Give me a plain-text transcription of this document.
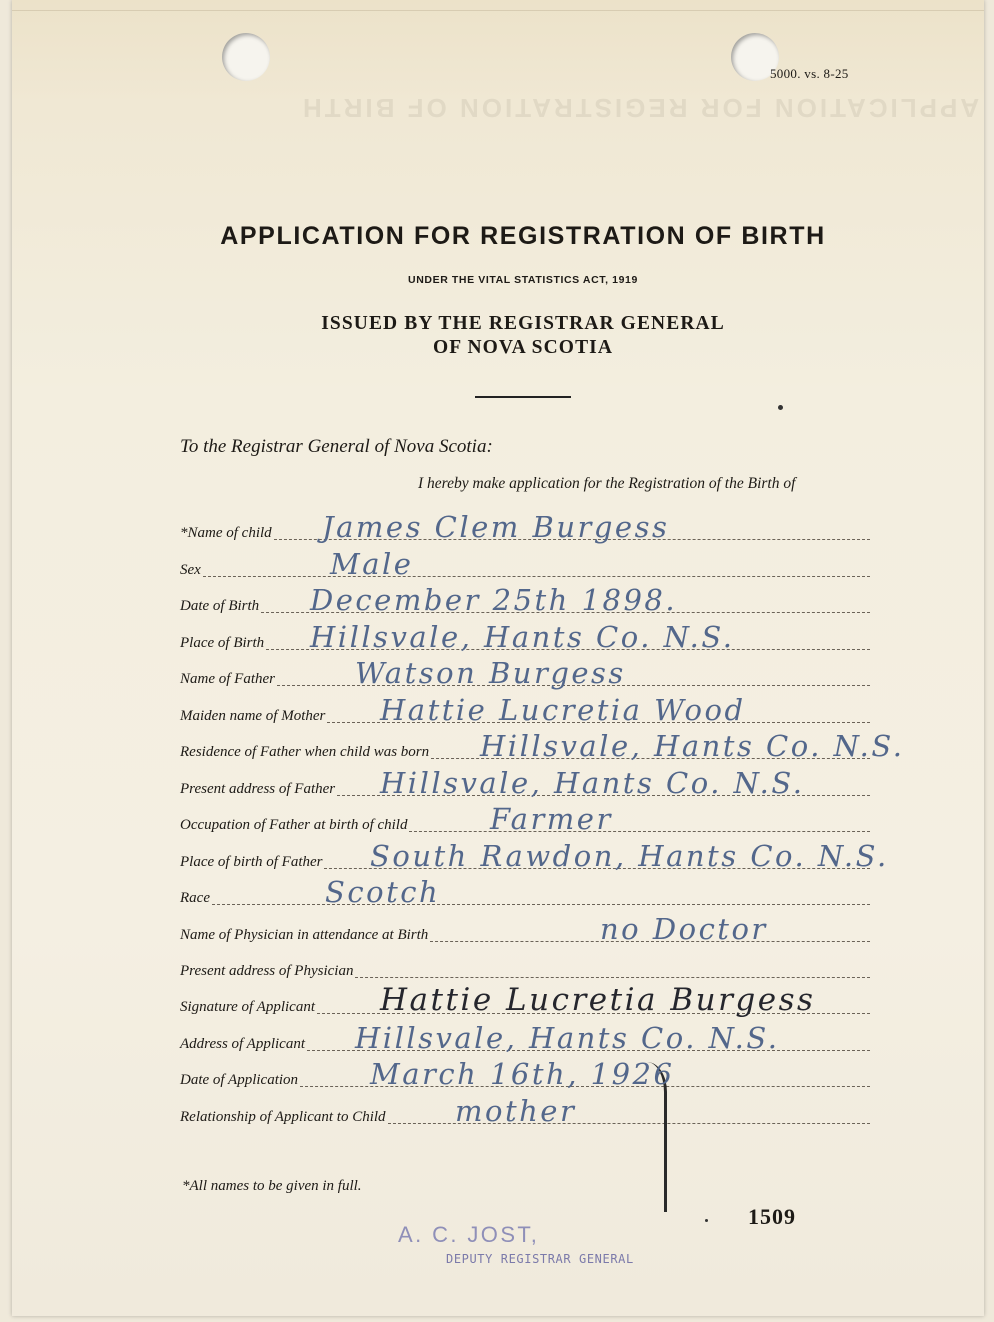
5000. vs. 8-25
APPLICATION FOR REGISTRATION OF BIRTH
APPLICATION FOR REGISTRATION OF BIRTH
UNDER THE VITAL STATISTICS ACT, 1919
ISSUED BY THE REGISTRAR GENERAL
OF NOVA SCOTIA
To the Registrar General of Nova Scotia:
I hereby make application for the Registration of the Birth of
*Name of child James Clem Burgess
Sex	Male
Date of Birth December 25th 1898.
Place of Birth Hillsvale, Hants Co. N.S.
Name of Father	Watson Burgess
Maiden name of Mother Hattie Lucretia Wood
Residence of Father when child was born Hillsvale, Hants Co. N.S.
Present address of Father Hillsvale, Hants Co. N.S.
Occupation of Father at birth of child	Farmer
Place of birth of Father South Rawdon, Hants Co. N.S.
Race	Scotch
Name of Physician in attendance at Birth	no Doctor
Present address of Physician
Signature of Applicant Hattie Lucretia Burgess
Address of Applicant Hillsvale, Hants Co. N.S.
Date of Application March 16th, 1926
Relationship of Applicant to Child mother
*All names to be given in full.
1509
A. C. JOST,
DEPUTY REGISTRAR GENERAL
